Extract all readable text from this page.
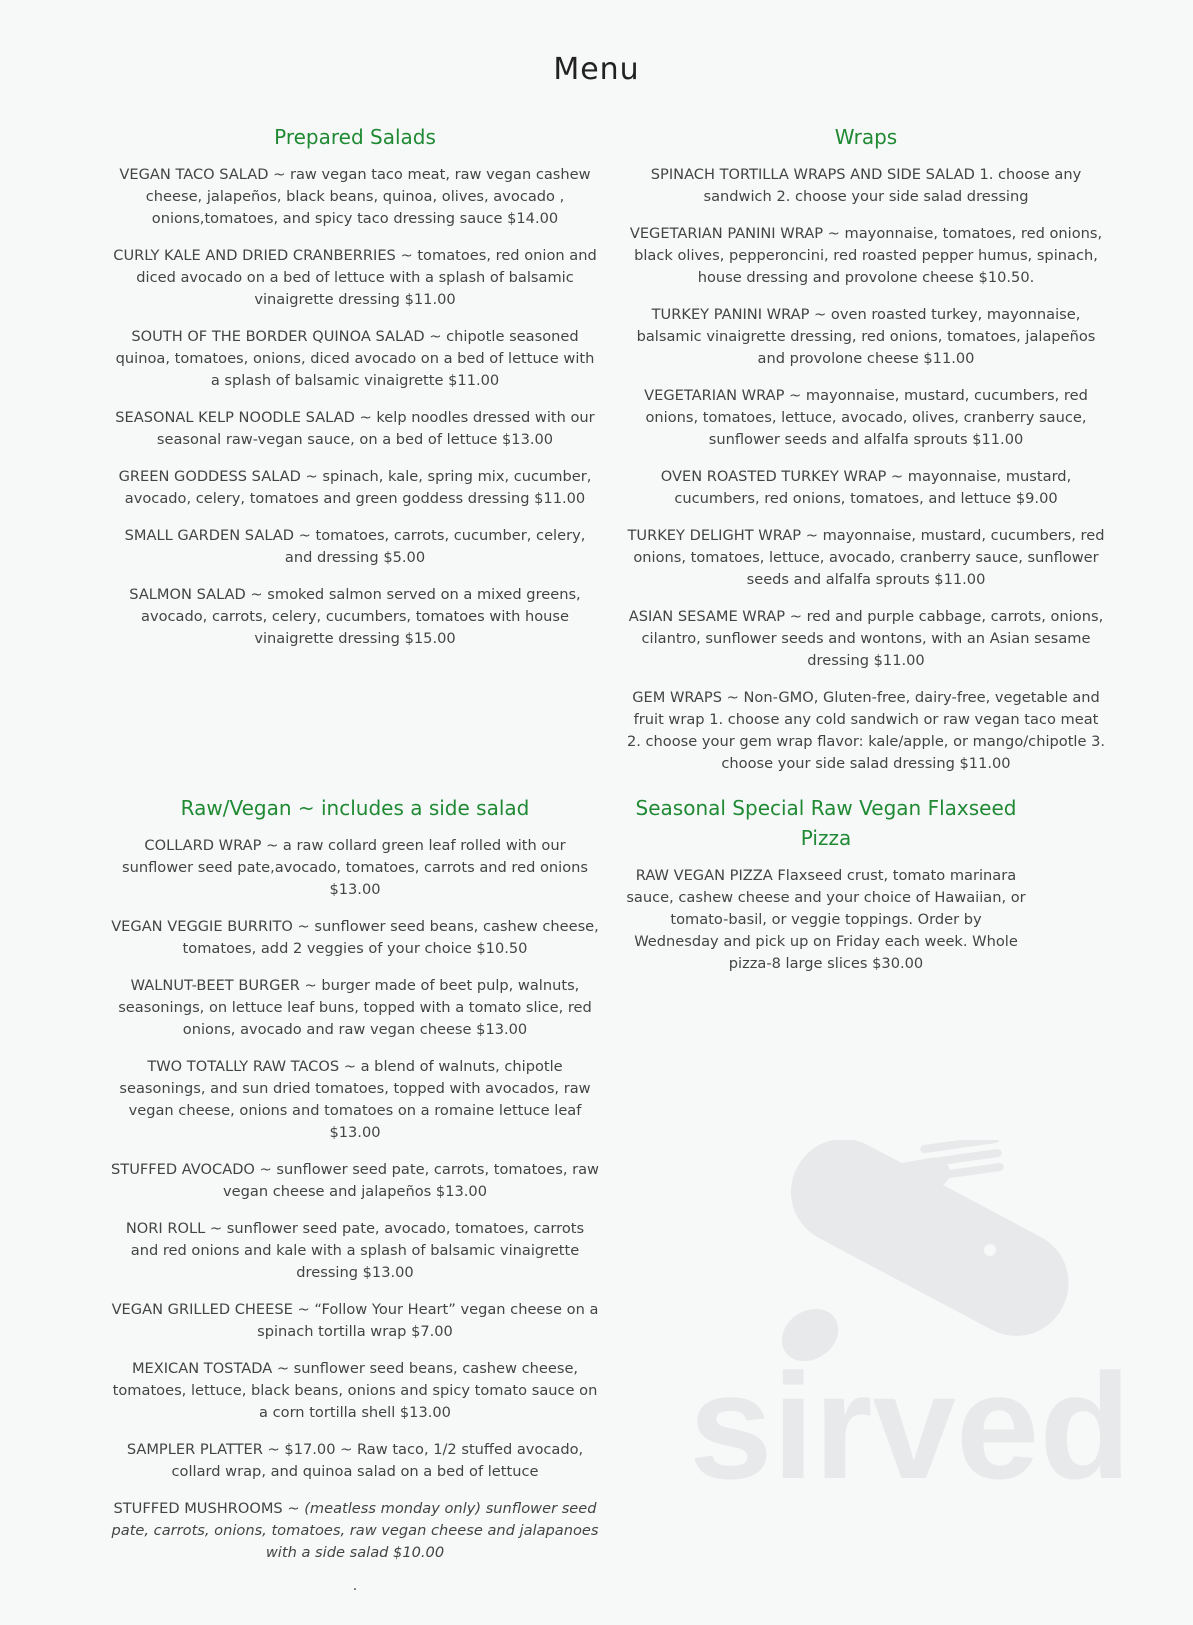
Menu
Prepared Salads

VEGAN TACO SALAD ~ raw vegan taco meat, raw vegan cashew cheese, jalapeños, black beans, quinoa, olives, avocado , onions,tomatoes, and spicy taco dressing sauce $14.00

CURLY KALE AND DRIED CRANBERRIES ~ tomatoes, red onion and diced avocado on a bed of lettuce with a splash of balsamic vinaigrette dressing $11.00

SOUTH OF THE BORDER QUINOA SALAD ~ chipotle seasoned quinoa, tomatoes, onions, diced avocado on a bed of lettuce with a splash of balsamic vinaigrette $11.00

SEASONAL KELP NOODLE SALAD ~ kelp noodles dressed with our seasonal raw-vegan sauce, on a bed of lettuce $13.00

GREEN GODDESS SALAD ~ spinach, kale, spring mix, cucumber, avocado, celery, tomatoes and green goddess dressing $11.00

SMALL GARDEN SALAD ~ tomatoes, carrots, cucumber, celery, and dressing $5.00

SALMON SALAD ~ smoked salmon served on a mixed greens, avocado, carrots, celery, cucumbers, tomatoes with house vinaigrette dressing $15.00

Wraps

SPINACH TORTILLA WRAPS AND SIDE SALAD 1. choose any sandwich 2. choose your side salad dressing

VEGETARIAN PANINI WRAP ~ mayonnaise, tomatoes, red onions, black olives, pepperoncini, red roasted pepper humus, spinach, house dressing and provolone cheese $10.50.

TURKEY PANINI WRAP ~ oven roasted turkey, mayonnaise, balsamic vinaigrette dressing, red onions, tomatoes, jalapeños and provolone cheese $11.00

VEGETARIAN WRAP ~ mayonnaise, mustard, cucumbers, red onions, tomatoes, lettuce, avocado, olives, cranberry sauce, sunflower seeds and alfalfa sprouts $11.00

OVEN ROASTED TURKEY WRAP ~ mayonnaise, mustard, cucumbers, red onions, tomatoes, and lettuce $9.00

TURKEY DELIGHT WRAP ~ mayonnaise, mustard, cucumbers, red onions, tomatoes, lettuce, avocado, cranberry sauce, sunflower seeds and alfalfa sprouts $11.00

ASIAN SESAME WRAP ~ red and purple cabbage, carrots, onions, cilantro, sunflower seeds and wontons, with an Asian sesame dressing $11.00

GEM WRAPS ~ Non-GMO, Gluten-free, dairy-free, vegetable and fruit wrap 1. choose any cold sandwich or raw vegan taco meat 2. choose your gem wrap flavor: kale/apple, or mango/chipotle 3. choose your side salad dressing $11.00

Raw/Vegan ~ includes a side salad

COLLARD WRAP ~ a raw collard green leaf rolled with our sunflower seed pate,avocado, tomatoes, carrots and red onions $13.00

VEGAN VEGGIE BURRITO ~ sunflower seed beans, cashew cheese, tomatoes, add 2 veggies of your choice $10.50

WALNUT-BEET BURGER ~ burger made of beet pulp, walnuts, seasonings, on lettuce leaf buns, topped with a tomato slice, red onions, avocado and raw vegan cheese $13.00

TWO TOTALLY RAW TACOS ~ a blend of walnuts, chipotle seasonings, and sun dried tomatoes, topped with avocados, raw vegan cheese, onions and tomatoes on a romaine lettuce leaf $13.00

STUFFED AVOCADO ~ sunflower seed pate, carrots, tomatoes, raw vegan cheese and jalapeños $13.00

NORI ROLL ~ sunflower seed pate, avocado, tomatoes, carrots and red onions and kale with a splash of balsamic vinaigrette dressing $13.00

VEGAN GRILLED CHEESE ~ “Follow Your Heart” vegan cheese on a spinach tortilla wrap $7.00

MEXICAN TOSTADA ~ sunflower seed beans, cashew cheese, tomatoes, lettuce, black beans, onions and spicy tomato sauce on a corn tortilla shell $13.00

SAMPLER PLATTER ~ $17.00 ~ Raw taco, 1/2 stuffed avocado, collard wrap, and quinoa salad on a bed of lettuce

STUFFED MUSHROOMS ~ (meatless monday only) sunflower seed pate, carrots, onions, tomatoes, raw vegan cheese and jalapanoes with a side salad $10.00

.
Seasonal Special Raw Vegan Flaxseed Pizza

RAW VEGAN PIZZA Flaxseed crust, tomato marinara sauce, cashew cheese and your choice of Hawaiian, or tomato-basil, or veggie toppings. Order by Wednesday and pick up on Friday each week. Whole pizza-8 large slices $30.00

sirved
